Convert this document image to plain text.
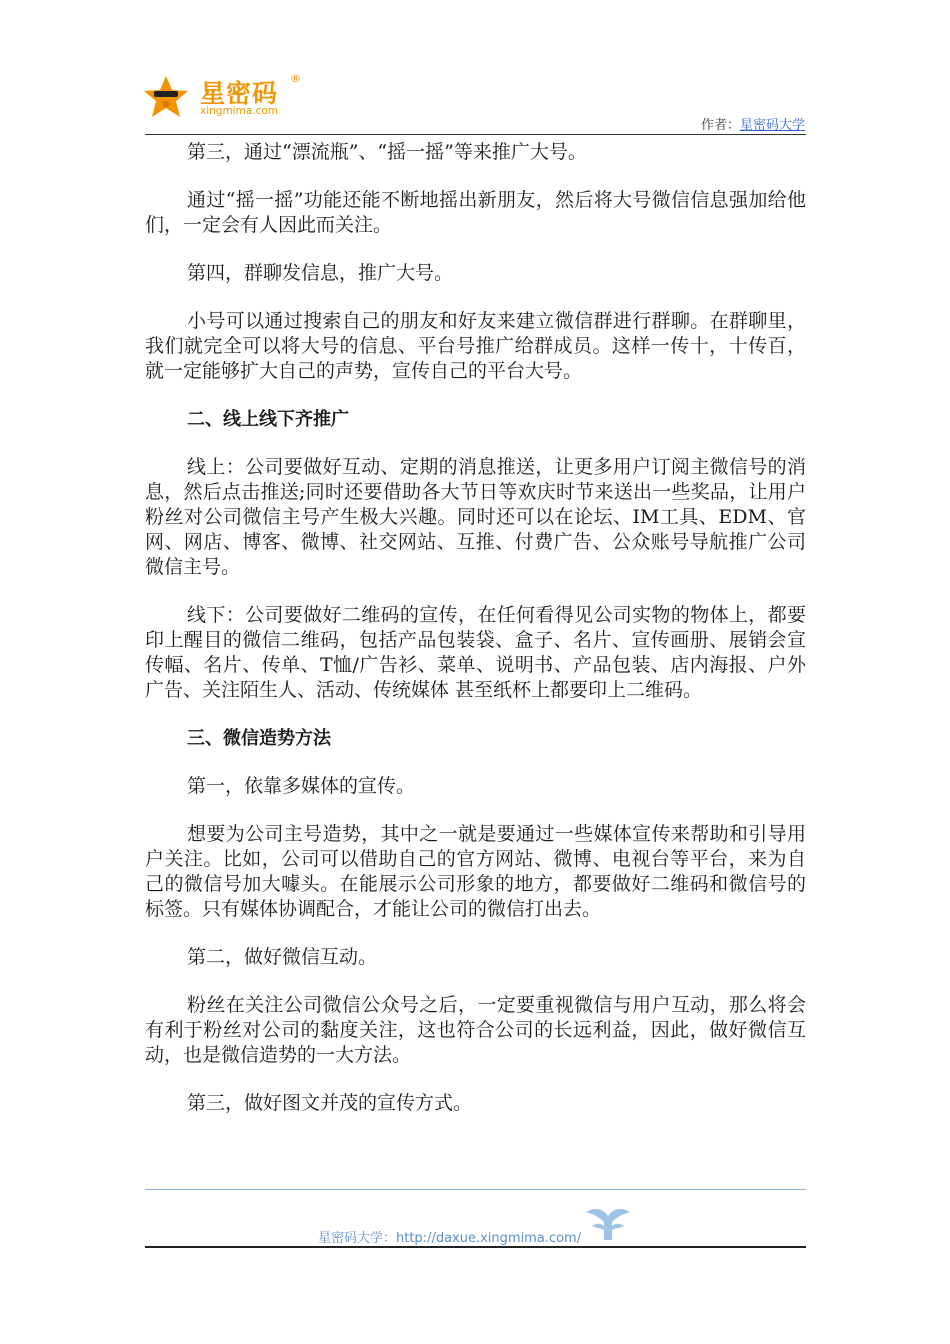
星密码
®
xingmima.com
作者：星密码大学

第三，通过“漂流瓶”、“摇一摇”等来推广大号。

通过“摇一摇”功能还能不断地摇出新朋友，然后将大号微信信息强加给他们，一定会有人因此而关注。

第四，群聊发信息，推广大号。

小号可以通过搜索自己的朋友和好友来建立微信群进行群聊。在群聊里，我们就完全可以将大号的信息、平台号推广给群成员。这样一传十，十传百，就一定能够扩大自己的声势，宣传自己的平台大号。

二、线上线下齐推广

线上：公司要做好互动、定期的消息推送，让更多用户订阅主微信号的消息，然后点击推送;同时还要借助各大节日等欢庆时节来送出一些奖品，让用户粉丝对公司微信主号产生极大兴趣。同时还可以在论坛、IM工具、EDM、官网、网店、博客、微博、社交网站、互推、付费广告、公众账号导航推广公司微信主号。

线下：公司要做好二维码的宣传，在任何看得见公司实物的物体上，都要印上醒目的微信二维码，包括产品包装袋、盒子、名片、宣传画册、展销会宣传幅、名片、传单、T恤/广告衫、菜单、说明书、产品包装、店内海报、户外广告、关注陌生人、活动、传统媒体 甚至纸杯上都要印上二维码。

三、微信造势方法

第一，依靠多媒体的宣传。

想要为公司主号造势，其中之一就是要通过一些媒体宣传来帮助和引导用户关注。比如，公司可以借助自己的官方网站、微博、电视台等平台，来为自己的微信号加大噱头。在能展示公司形象的地方，都要做好二维码和微信号的标签。只有媒体协调配合，才能让公司的微信打出去。

第二，做好微信互动。

粉丝在关注公司微信公众号之后，一定要重视微信与用户互动，那么将会有利于粉丝对公司的黏度关注，这也符合公司的长远利益，因此，做好微信互动，也是微信造势的一大方法。

第三，做好图文并茂的宣传方式。

星密码大学：http://daxue.xingmima.com/
